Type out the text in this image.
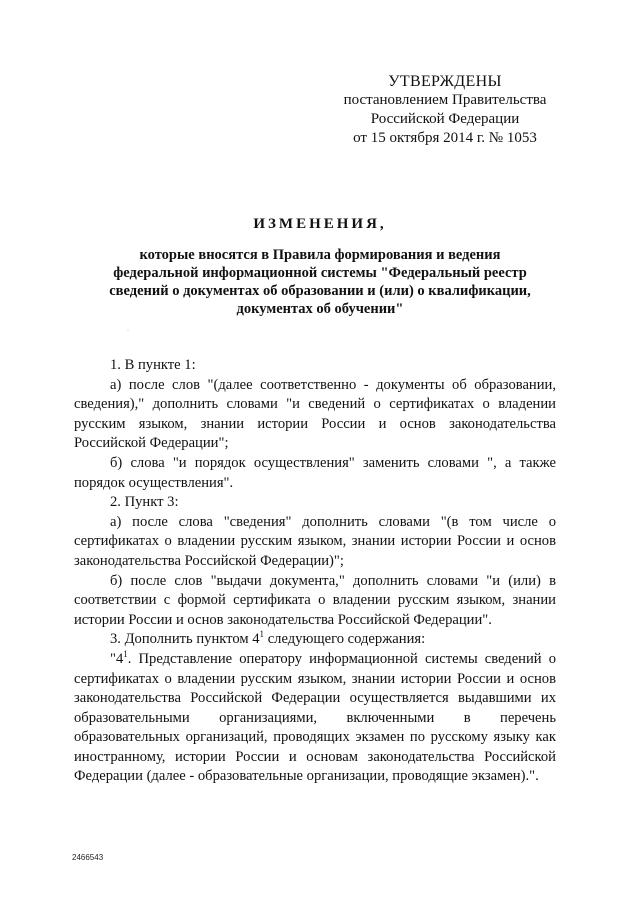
УТВЕРЖДЕНЫ
постановлением Правительства
Российской Федерации
от 15 октября 2014 г. № 1053
ИЗМЕНЕНИЯ,
которые вносятся в Правила формирования и ведения
федеральной информационной системы "Федеральный реестр
сведений о документах об образовании и (или) о квалификации,
документах об обучении"
·

1. В пункте 1:

а) после слов "(далее соответственно - документы об образовании, сведения)," дополнить словами "и сведений о сертификатах о владении русским языком, знании истории России и основ законодательства Российской Федерации";

б) слова "и порядок осуществления" заменить словами ", а также порядок осуществления".

2. Пункт 3:

а) после слова "сведения" дополнить словами "(в том числе о сертификатах о владении русским языком, знании истории России и основ законодательства Российской Федерации)";

б) после слов "выдачи документа," дополнить словами "и (или) в соответствии с формой сертификата о владении русским языком, знании истории России и основ законодательства Российской Федерации".

3. Дополнить пунктом $4^1$ следующего содержания:

"$4^1$. Представление оператору информационной системы сведений о сертификатах о владении русским языком, знании истории России и основ законодательства Российской Федерации осуществляется выдавшими их образовательными организациями, включенными в перечень образовательных организаций, проводящих экзамен по русскому языку как иностранному, истории России и основам законодательства Российской Федерации (далее - образовательные организации, проводящие экзамен).".

2466543
